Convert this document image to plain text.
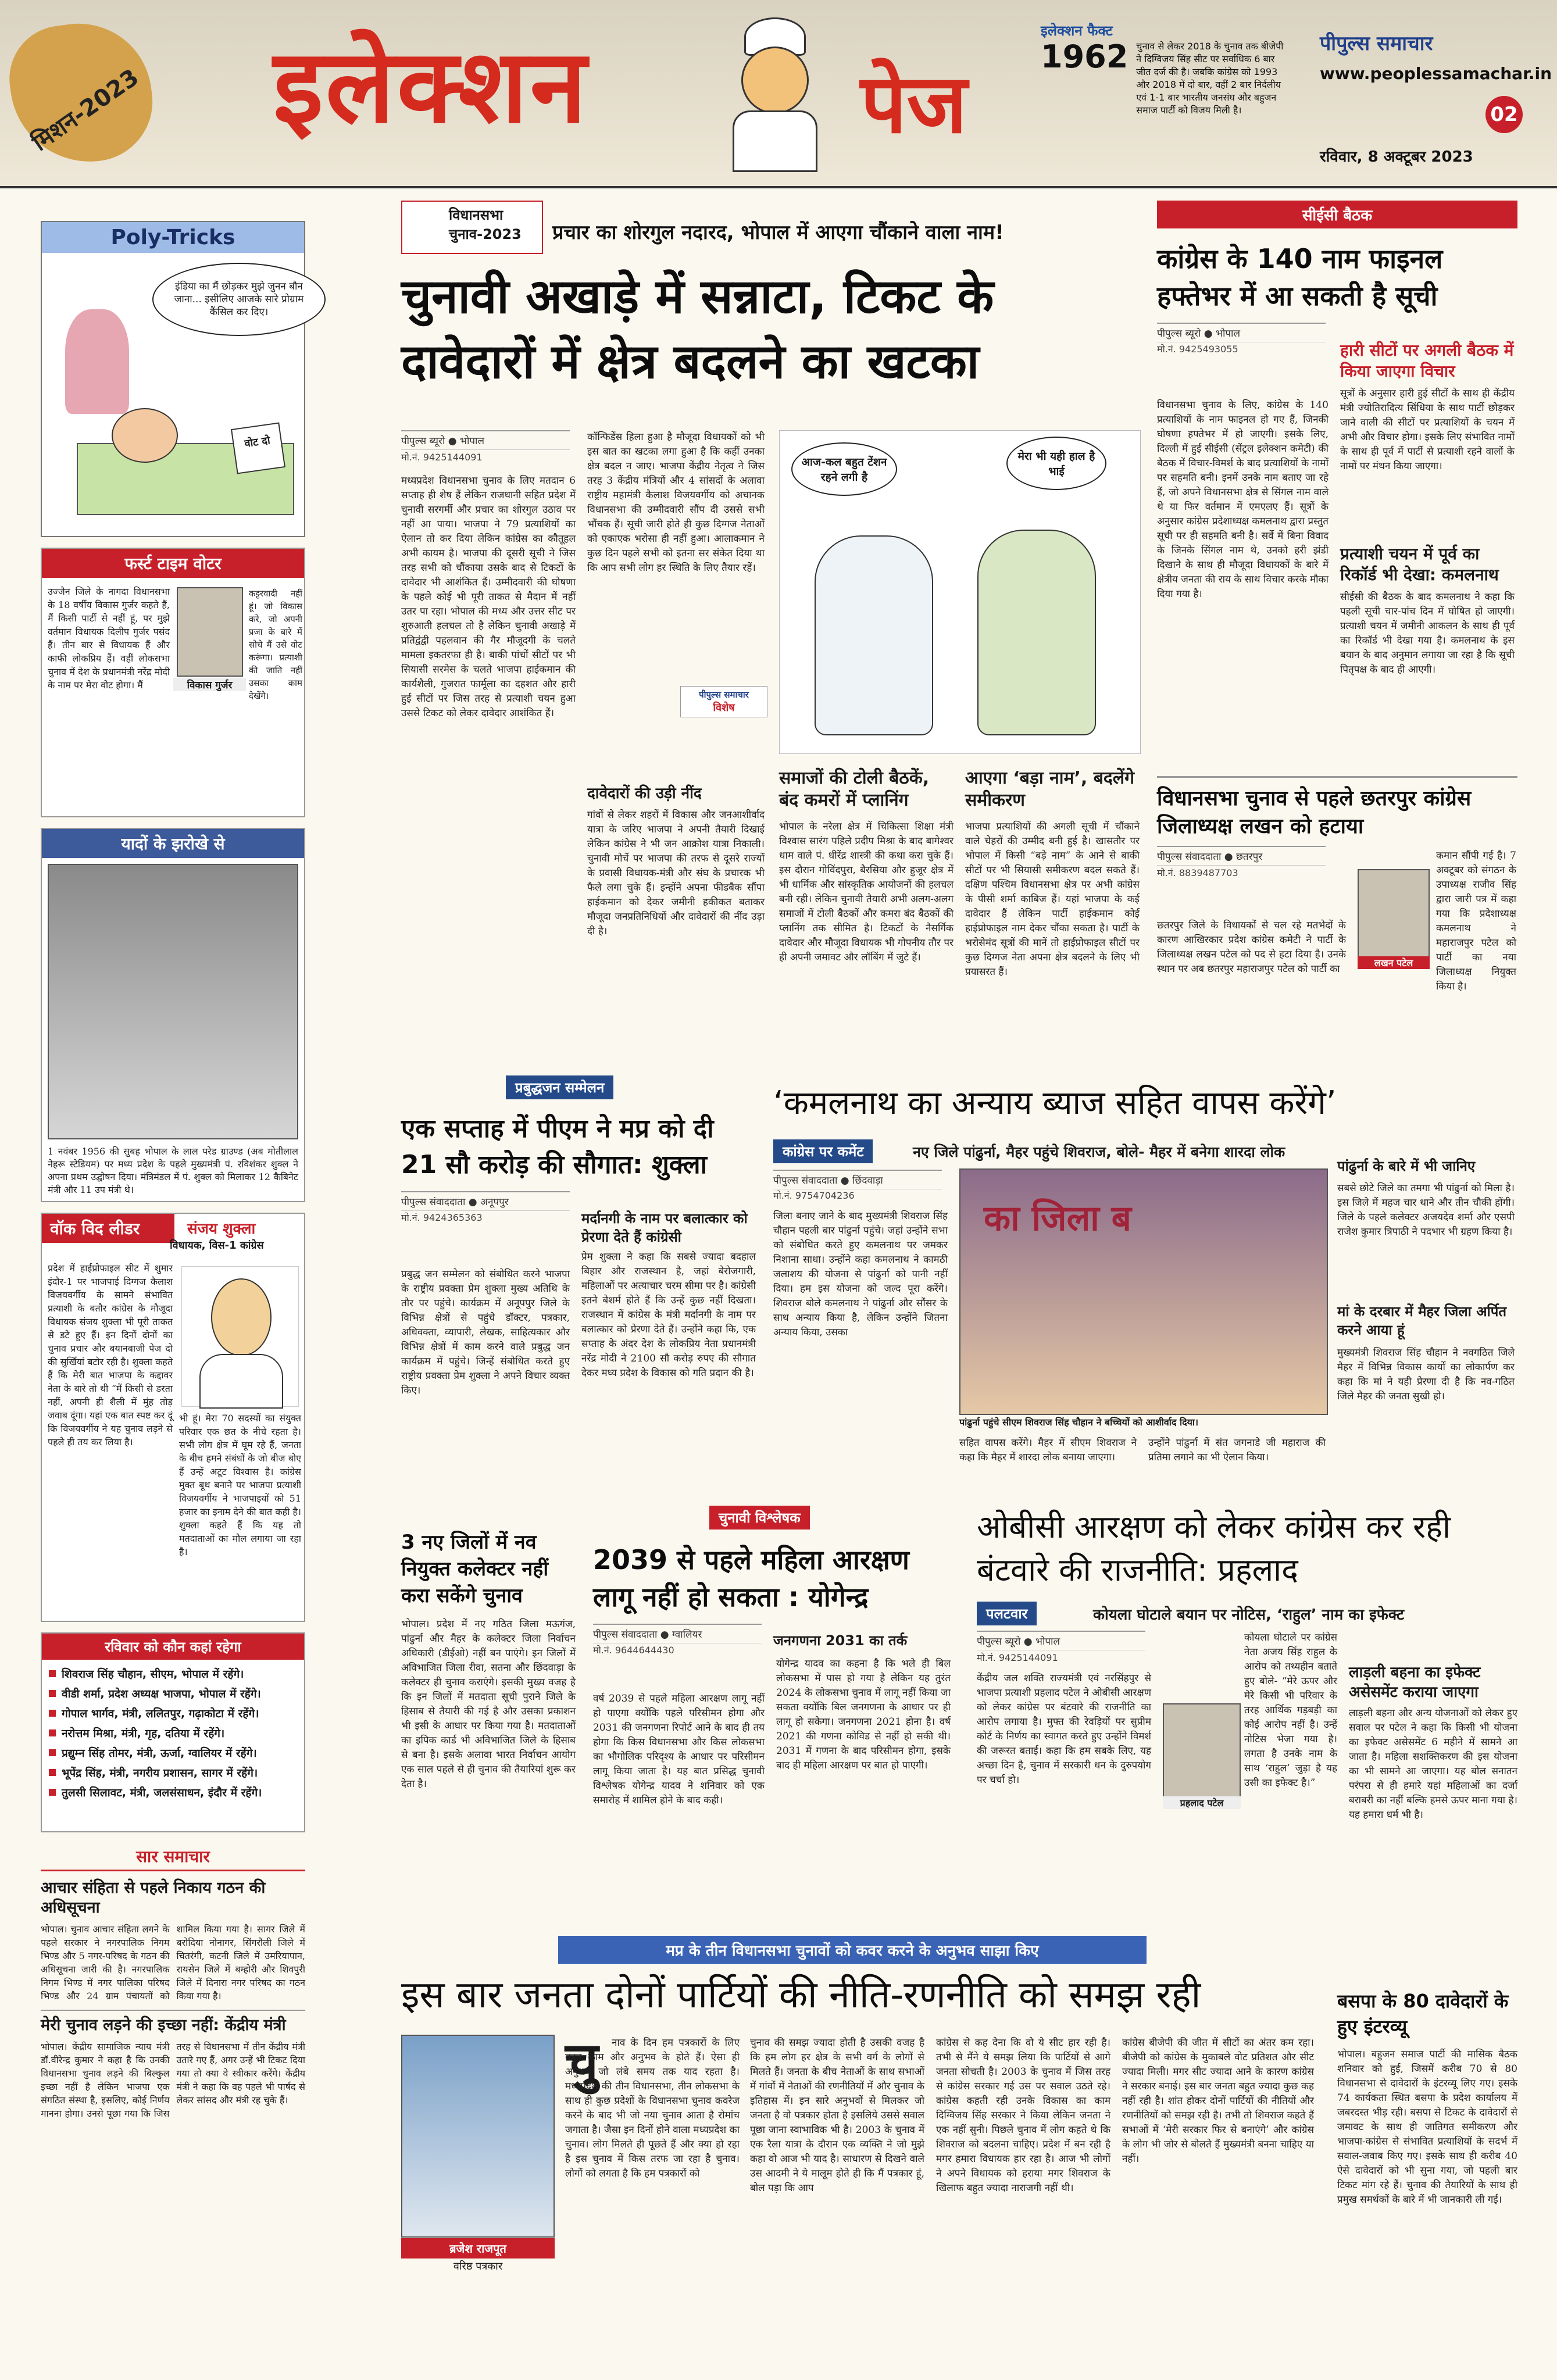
मिशन-2023 इलेक्शन	पेज
इलेक्शन फैक्ट
1962 चुनाव से लेकर 2018 के चुनाव तक बीजेपी ने दिग्विजय सिंह सीट पर सर्वाधिक 6 बार जीत दर्ज की है। जबकि कांग्रेस को 1993 और 2018 में दो बार, वहीं 2 बार निर्दलीय एवं 1-1 बार भारतीय जनसंघ और बहुजन समाज पार्टी को विजय मिली है।
पीपुल्स समाचार
www.peoplessamachar.in
02
रविवार, 8 अक्टूबर 2023
Poly-Tricks
इंडिया का मैं छोड़कर मुझे जुनन बौन जाना... इसीलिए आजके सारे प्रोग्राम कैंसिल कर दिए।
वोट दो
फर्स्ट टाइम वोटर
उज्जैन जिले के नागदा विधानसभा के 18 वर्षीय विकास गुर्जर कहते हैं, मैं किसी पार्टी से नहीं हूं, पर मुझे वर्तमान विधायक दिलीप गुर्जर पसंद हैं। तीन बार से विधायक हैं और काफी लोकप्रिय हैं। वहीं लोकसभा चुनाव में देश के प्रधानमंत्री नरेंद्र मोदी के नाम पर मेरा वोट होगा। मैं	विकास गुर्जर
कट्टरवादी नहीं हूं। जो विकास करे, जो अपनी प्रजा के बारे में सोचे मैं उसे वोट करूंगा। प्रत्याशी की जाति नहीं उसका काम देखेंगे।
यादों के झरोखे से
1 नवंबर 1956 की सुबह भोपाल के लाल परेड ग्राउण्ड (अब मोतीलाल नेहरू स्टेडियम) पर मध्य प्रदेश के पहले मुख्यमंत्री पं. रविशंकर शुक्ल ने अपना प्रथम उद्घोषन दिया। मंत्रिमंडल में पं. शुक्ल को मिलाकर 12 कैबिनेट मंत्री और 11 उप मंत्री थे।
वॉक विद लीडर	संजय शुक्ला
विधायक, विस-1 कांग्रेस
प्रदेश में हाईप्रोफाइल सीट में शुमार इंदौर-1 पर भाजपाई दिग्गज कैलाश विजयवर्गीय के सामने संभावित प्रत्याशी के बतौर कांग्रेस के मौजूदा विधायक संजय शुक्ला भी पूरी ताकत से डटे हुए हैं। इन दिनों दोनों का चुनाव प्रचार और बयानबाजी पेज दो की सुर्खियां बटोर रही है। शुक्ला कहते हैं कि मेरी बात भाजपा के कद्दावर नेता के बारे तो थी “मैं किसी से डरता नहीं, अपनी ही शैली में मुंह तोड़ जवाब दूंगा। यहां एक बात स्पष्ट कर दूं कि विजयवर्गीय ने यह चुनाव लड़ने से पहले ही तय कर लिया है।
भी हूं। मेरा 70 सदस्यों का संयुक्त परिवार एक छत के नीचे रहता है। सभी लोग क्षेत्र में घूम रहे हैं, जनता के बीच हमने संबंधों के जो बीज बोए हैं उन्हें अटूट विश्वास है। कांग्रेस मुक्त बूथ बनाने पर भाजपा प्रत्याशी विजयवर्गीय ने भाजपाइयों को 51 हजार का इनाम देने की बात कही है। शुक्ला कहते हैं कि यह तो मतदाताओं का मौल लगाया जा रहा है।
रविवार को कौन कहां रहेगा
शिवराज सिंह चौहान, सीएम, भोपाल में रहेंगे।
वीडी शर्मा, प्रदेश अध्यक्ष भाजपा, भोपाल में रहेंगे।
गोपाल भार्गव, मंत्री, ललितपुर, गढ़ाकोटा में रहेंगे।
नरोत्तम मिश्रा, मंत्री, गृह, दतिया में रहेंगे।
प्रद्युम्न सिंह तोमर, मंत्री, ऊर्जा, ग्वालियर में रहेंगे।
भूपेंद्र सिंह, मंत्री, नगरीय प्रशासन, सागर में रहेंगे।
तुलसी सिलावट, मंत्री, जलसंसाधन, इंदौर में रहेंगे।
सार समाचार
आचार संहिता से पहले निकाय गठन की अधिसूचना
भोपाल। चुनाव आचार संहिता लगने के पहले सरकार ने नगरपालिक निगम भिण्ड और 5 नगर-परिषद के गठन की अधिसूचना जारी की है। नगरपालिक निगम भिण्ड में नगर पालिका परिषद भिण्ड और 24 ग्राम पंचायतों को शामिल किया गया है। सागर जिले में बरोदिया नोनागर, सिंगरौली जिले में चितरंगी, कटनी जिले में उमरियापान, रायसेन जिले में बम्होरी और शिवपुरी जिले में दिनारा नगर परिषद का गठन किया गया है।
मेरी चुनाव लड़ने की इच्छा नहीं: केंद्रीय मंत्री
भोपाल। केंद्रीय सामाजिक न्याय मंत्री डॉ.वीरेन्द्र कुमार ने कहा है कि उनकी विधानसभा चुनाव लड़ने की बिल्कुल इच्छा नहीं है लेकिन भाजपा एक संगठित संस्था है, इसलिए, कोई निर्णय मानना होगा। उनसे पूछा गया कि जिस तरह से विधानसभा में तीन केंद्रीय मंत्री उतारे गए हैं, अगर उन्हें भी टिकट दिया गया तो क्या वे स्वीकार करेंगे। केंद्रीय मंत्री ने कहा कि वह पहले भी पार्षद से लेकर सांसद और मंत्री रह चुके हैं।
विधानसभा
चुनाव-2023	प्रचार का शोरगुल नदारद, भोपाल में आएगा चौंकाने वाला नाम!
चुनावी अखाड़े में सन्नाटा, टिकट के दावेदारों में क्षेत्र बदलने का खटका
पीपुल्स ब्यूरो ● भोपाल
मो.नं. 9425144091
मध्यप्रदेश विधानसभा चुनाव के लिए मतदान 6 सप्ताह ही शेष हैं लेकिन राजधानी सहित प्रदेश में चुनावी सरगर्मी और प्रचार का शोरगुल उठाव पर नहीं आ पाया। भाजपा ने 79 प्रत्याशियों का ऐलान तो कर दिया लेकिन कांग्रेस का कौतूहल अभी कायम है। भाजपा की दूसरी सूची ने जिस तरह सभी को चौंकाया उसके बाद से टिकटों के दावेदार भी आशंकित हैं। उम्मीदवारी की घोषणा के पहले कोई भी पूरी ताकत से मैदान में नहीं उतर पा रहा। भोपाल की मध्य और उत्तर सीट पर शुरुआती हलचल तो है लेकिन चुनावी अखाड़े में प्रतिद्वंद्वी पहलवान की गैर मौजूदगी के चलते मामला इकतरफा ही है। बाकी पांचों सीटों पर भी सियासी सरमेस के चलते भाजपा हाईकमान की कार्यशैली, गुजरात फार्मूला का दहशत और हारी हुई सीटों पर जिस तरह से प्रत्याशी चयन हुआ उससे टिकट को लेकर दावेदार आशंकित हैं।
कॉन्फिडेंस हिला हुआ है मौजूदा विधायकों को भी इस बात का खटका लगा हुआ है कि कहीं उनका क्षेत्र बदल न जाए। भाजपा केंद्रीय नेतृत्व ने जिस तरह 3 केंद्रीय मंत्रियों और 4 सांसदों के अलावा राष्ट्रीय महामंत्री कैलाश विजयवर्गीय को अचानक विधानसभा की उम्मीदवारी सौंप दी उससे सभी भौंचक हैं। सूची जारी होते ही कुछ दिग्गज नेताओं को एकाएक भरोसा ही नहीं हुआ। आलाकमान ने कुछ दिन पहले सभी को इतना सर संकेत दिया था कि आप सभी लोग हर स्थिति के लिए तैयार रहें।
पीपुल्स समाचार
विशेष
दावेदारों की उड़ी नींद
गांवों से लेकर शहरों में विकास और जनआशीर्वाद यात्रा के जरिए भाजपा ने अपनी तैयारी दिखाई लेकिन कांग्रेस ने भी जन आक्रोश यात्रा निकाली। चुनावी मोर्चे पर भाजपा की तरफ से दूसरे राज्यों के प्रवासी विधायक-मंत्री और संघ के प्रचारक भी फैले लगा चुके हैं। इन्होंने अपना फीडबैक सौंपा हाईकमान को देकर जमीनी हकीकत बताकर मौजूदा जनप्रतिनिधियों और दावेदारों की नींद उड़ा दी है।
आज-कल बहुत टेंशन रहने लगी है
मेरा भी यही हाल है भाई
समाजों की टोली बैठकें, बंद कमरों में प्लानिंग
भोपाल के नरेला क्षेत्र में चिकित्सा शिक्षा मंत्री विश्वास सारंग पहिले प्रदीप मिश्रा के बाद बागेश्वर धाम वाले पं. धीरेंद्र शास्त्री की कथा करा चुके हैं। इस दौरान गोविंदपुरा, बैरसिया और हुजूर क्षेत्र में भी धार्मिक और सांस्कृतिक आयोजनों की हलचल बनी रही। लेकिन चुनावी तैयारी अभी अलग-अलग समाजों में टोली बैठकों और कमरा बंद बैठकों की प्लानिंग तक सीमित है। टिकटों के नैसर्गिक दावेदार और मौजूदा विधायक भी गोपनीय तौर पर ही अपनी जमावट और लॉबिंग में जुटे हैं।
आएगा ‘बड़ा नाम’, बदलेंगे समीकरण
भाजपा प्रत्याशियों की अगली सूची में चौंकाने वाले चेहरों की उम्मीद बनी हुई है। खासतौर पर भोपाल में किसी “बड़े नाम” के आने से बाकी सीटों पर भी सियासी समीकरण बदल सकते हैं। दक्षिण पश्चिम विधानसभा क्षेत्र पर अभी कांग्रेस के पीसी शर्मा काबिज हैं। यहां भाजपा के कई दावेदार हैं लेकिन पार्टी हाईकमान कोई हाईप्रोफाइल नाम देकर चौंका सकता है। पार्टी के भरोसेमंद सूत्रों की मानें तो हाईप्रोफाइल सीटों पर कुछ दिग्गज नेता अपना क्षेत्र बदलने के लिए भी प्रयासरत हैं।
सीईसी बैठक
कांग्रेस के 140 नाम फाइनल हफ्तेभर में आ सकती है सूची
पीपुल्स ब्यूरो ● भोपाल
मो.नं. 9425493055
विधानसभा चुनाव के लिए, कांग्रेस के 140 प्रत्याशियों के नाम फाइनल हो गए हैं, जिनकी घोषणा हफ्तेभर में हो जाएगी। इसके लिए, दिल्ली में हुई सीईसी (सेंट्रल इलेक्शन कमेटी) की बैठक में विचार-विमर्श के बाद प्रत्याशियों के नामों पर सहमति बनी। इनमें उनके नाम बताए जा रहे हैं, जो अपने विधानसभा क्षेत्र से सिंगल नाम वाले थे या फिर वर्तमान में एमएलए हैं। सूत्रों के अनुसार कांग्रेस प्रदेशाध्यक्ष कमलनाथ द्वारा प्रस्तुत सूची पर ही सहमति बनी है। सर्वे में बिना विवाद के जिनके सिंगल नाम थे, उनको हरी झंडी दिखाने के साथ ही मौजूदा विधायकों के बारे में क्षेत्रीय जनता की राय के साथ विचार करके मौका दिया गया है।
हारी सीटों पर अगली बैठक में किया जाएगा विचार
सूत्रों के अनुसार हारी हुई सीटों के साथ ही केंद्रीय मंत्री ज्योतिरादित्य सिंधिया के साथ पार्टी छोड़कर जाने वाली की सीटों पर प्रत्याशियों के चयन में अभी और विचार होगा। इसके लिए संभावित नामों के साथ ही पूर्व में पार्टी से प्रत्याशी रहने वालों के नामों पर मंथन किया जाएगा।
प्रत्याशी चयन में पूर्व का रिकॉर्ड भी देखा: कमलनाथ
सीईसी की बैठक के बाद कमलनाथ ने कहा कि पहली सूची चार-पांच दिन में घोषित हो जाएगी। प्रत्याशी चयन में जमीनी आकलन के साथ ही पूर्व का रिकॉर्ड भी देखा गया है। कमलनाथ के इस बयान के बाद अनुमान लगाया जा रहा है कि सूची पितृपक्ष के बाद ही आएगी।
विधानसभा चुनाव से पहले छतरपुर कांग्रेस जिलाध्यक्ष लखन को हटाया
पीपुल्स संवाददाता ● छतरपुर
मो.नं. 8839487703
छतरपुर जिले के विधायकों से चल रहे मतभेदों के कारण आखिरकार प्रदेश कांग्रेस कमेटी ने पार्टी के जिलाध्यक्ष लखन पटेल को पद से हटा दिया है। उनके स्थान पर अब छतरपुर महाराजपुर पटेल को पार्टी का
लखन पटेल
कमान सौंपी गई है। 7 अक्टूबर को संगठन के उपाध्यक्ष राजीव सिंह द्वारा जारी पत्र में कहा गया कि प्रदेशाध्यक्ष कमलनाथ ने महाराजपुर पटेल को पार्टी का नया जिलाध्यक्ष नियुक्त किया है।
प्रबुद्धजन सम्मेलन
एक सप्ताह में पीएम ने मप्र को दी 21 सौ करोड़ की सौगात: शुक्ला
पीपुल्स संवाददाता ● अनूपपुर
मो.नं. 9424365363
प्रबुद्ध जन सम्मेलन को संबोधित करने भाजपा के राष्ट्रीय प्रवक्ता प्रेम शुक्ला मुख्य अतिथि के तौर पर पहुंचे। कार्यक्रम में अनूपपुर जिले के विभिन्न क्षेत्रों से पहुंचे डॉक्टर, पत्रकार, अधिवक्ता, व्यापारी, लेखक, साहित्यकार और विभिन्न क्षेत्रों में काम करने वाले प्रबुद्ध जन कार्यक्रम में पहुंचे। जिन्हें संबोधित करते हुए राष्ट्रीय प्रवक्ता प्रेम शुक्ला ने अपने विचार व्यक्त किए।
मर्दानगी के नाम पर बलात्कार को प्रेरणा देते हैं कांग्रेसी
प्रेम शुक्ला ने कहा कि सबसे ज्यादा बदहाल बिहार और राजस्थान है, जहां बेरोजगारी, महिलाओं पर अत्याचार चरम सीमा पर है। कांग्रेसी इतने बेशर्म होते हैं कि उन्हें कुछ नहीं दिखता। राजस्थान में कांग्रेस के मंत्री मर्दानगी के नाम पर बलात्कार को प्रेरणा देते हैं। उन्होंने कहा कि, एक सप्ताह के अंदर देश के लोकप्रिय नेता प्रधानमंत्री नरेंद्र मोदी ने 2100 सौ करोड़ रुपए की सौगात देकर मध्य प्रदेश के विकास को गति प्रदान की है।
3 नए जिलों में नव नियुक्त कलेक्टर नहीं करा सकेंगे चुनाव
भोपाल। प्रदेश में नए गठित जिला मऊगंज, पांढुर्ना और मैहर के कलेक्टर जिला निर्वाचन अधिकारी (डीईओ) नहीं बन पाएंगे। इन जिलों में अविभाजित जिला रीवा, सतना और छिंदवाड़ा के कलेक्टर ही चुनाव कराएंगे। इसकी मुख्य वजह है कि इन जिलों में मतदाता सूची पुराने जिले के हिसाब से तैयारी की गई है और उसका प्रकाशन भी इसी के आधार पर किया गया है। मतदाताओं का इपिक कार्ड भी अविभाजित जिले के हिसाब से बना है। इसके अलावा भारत निर्वाचन आयोग एक साल पहले से ही चुनाव की तैयारियां शुरू कर देता है।
‘कमलनाथ का अन्याय ब्याज सहित वापस करेंगे’
कांग्रेस पर कमेंट	नए जिले पांढुर्ना, मैहर पहुंचे शिवराज, बोले- मैहर में बनेगा शारदा लोक
पीपुल्स संवाददाता ● छिंदवाड़ा
मो.नं. 9754704236
जिला बनाए जाने के बाद मुख्यमंत्री शिवराज सिंह चौहान पहली बार पांढुर्ना पहुंचे। जहां उन्होंने सभा को संबोधित करते हुए कमलनाथ पर जमकर निशाना साधा। उन्होंने कहा कमलनाथ ने कामठी जलाशय की योजना से पांढुर्ना को पानी नहीं दिया। हम इस योजना को जल्द पूरा करेंगे। शिवराज बोले कमलनाथ ने पांढुर्ना और सौंसर के साथ अन्याय किया है, लेकिन उन्होंने जितना अन्याय किया, उसका
का जिला ब
पांढुर्ना पहुंचे सीएम शिवराज सिंह चौहान ने बच्चियों को आशीर्वाद दिया।
सहित वापस करेंगे। मैहर में सीएम शिवराज ने कहा कि मैहर में शारदा लोक बनाया जाएगा।
उन्होंने पांढुर्ना में संत जगनाडे जी महाराज की प्रतिमा लगाने का भी ऐलान किया।
पांढुर्ना के बारे में भी जानिए
सबसे छोटे जिले का तमगा भी पांढुर्ना को मिला है। इस जिले में महज चार थाने और तीन चौकी होंगी। जिले के पहले कलेक्टर अजयदेव शर्मा और एसपी राजेश कुमार त्रिपाठी ने पदभार भी ग्रहण किया है।
मां के दरबार में मैहर जिला अर्पित करने आया हूं
मुख्यमंत्री शिवराज सिंह चौहान ने नवगठित जिले मैहर में विभिन्न विकास कार्यों का लोकार्पण कर कहा कि मां ने यही प्रेरणा दी है कि नव-गठित जिले मैहर की जनता सुखी हो।
चुनावी विश्लेषक
2039 से पहले महिला आरक्षण लागू नहीं हो सकता : योगेन्द्र
जनगणना 2031 का तर्क
पीपुल्स संवाददाता ● ग्वालियर
मो.नं. 9644644430
वर्ष 2039 से पहले महिला आरक्षण लागू नहीं हो पाएगा क्योंकि पहले परिसीमन होगा और 2031 की जनगणना रिपोर्ट आने के बाद ही तय होगा कि किस विधानसभा और किस लोकसभा का भौगोलिक परिदृश्य के आधार पर परिसीमन लागू किया जाता है। यह बात प्रसिद्ध चुनावी विश्लेषक योगेन्द्र यादव ने शनिवार को एक समारोह में शामिल होने के बाद कही।
योगेन्द्र यादव का कहना है कि भले ही बिल लोकसभा में पास हो गया है लेकिन यह तुरंत 2024 के लोकसभा चुनाव में लागू नहीं किया जा सकता क्योंकि बिल जनगणना के आधार पर ही लागू हो सकेगा। जनगणना 2021 होना है। वर्ष 2021 की गणना कोविड से नहीं हो सकी थी। 2031 में गणना के बाद परिसीमन होगा, इसके बाद ही महिला आरक्षण पर बात हो पाएगी।
ओबीसी आरक्षण को लेकर कांग्रेस कर रही बंटवारे की राजनीति: प्रहलाद
पलटवार	कोयला घोटाले बयान पर नोटिस, ‘राहुल’ नाम का इफेक्ट
पीपुल्स ब्यूरो ● भोपाल
मो.नं. 9425144091
केंद्रीय जल शक्ति राज्यमंत्री एवं नरसिंहपुर से भाजपा प्रत्याशी प्रहलाद पटेल ने ओबीसी आरक्षण को लेकर कांग्रेस पर बंटवारे की राजनीति का आरोप लगाया है। मुफ्त की रेवड़ियों पर सुप्रीम कोर्ट के निर्णय का स्वागत करते हुए उन्होंने विमर्श की जरूरत बताई। कहा कि हम सबके लिए, यह अच्छा दिन है, चुनाव में सरकारी धन के दुरुपयोग पर चर्चा हो।
प्रहलाद पटेल
कोयला घोटाले पर कांग्रेस नेता अजय सिंह राहुल के आरोप को तथ्यहीन बताते हुए बोले- “मेरे ऊपर और मेरे किसी भी परिवार के तरह आर्थिक गड़बड़ी का कोई आरोप नहीं है। उन्हें नोटिस भेजा गया है। लगता है उनके नाम के साथ ‘राहुल’ जुड़ा है यह उसी का इफेक्ट है।”
लाड़ली बहना का इफेक्ट असेसमेंट कराया जाएगा
लाड़ली बहना और अन्य योजनाओं को लेकर हुए सवाल पर पटेल ने कहा कि किसी भी योजना का इफेक्ट असेसमेंट 6 महीने में सामने आ जाता है। महिला सशक्तिकरण की इस योजना का भी सामने आ जाएगा। यह बोल सनातन परंपरा से ही हमारे यहां महिलाओं का दर्जा बराबरी का नहीं बल्कि हमसे ऊपर माना गया है। यह हमारा धर्म भी है।
मप्र के तीन विधानसभा चुनावों को कवर करने के अनुभव साझा किए
इस बार जनता दोनों पार्टियों की नीति-रणनीति को समझ रही
ब्रजेश राजपूत
वरिष्ठ पत्रकार
चु	नाव के दिन हम पत्रकारों के लिए बहुत काम और अनुभव के होते हैं। ऐसा ही अनुभव जो लंबे समय तक याद रहता है। मध्यप्रदेश की तीन विधानसभा, तीन लोकसभा के साथ ही कुछ प्रदेशों के विधानसभा चुनाव कवरेज करने के बाद भी जो नया चुनाव आता है रोमांच जगाता है। जैसा इन दिनों होने वाला मध्यप्रदेश का चुनाव। लोग मिलते ही पूछते हैं और क्या हो रहा है इस चुनाव में किस तरफ जा रहा है चुनाव। लोगों को लगता है कि हम पत्रकारों को
चुनाव की समझ ज्यादा होती है उसकी वजह है कि हम लोग हर क्षेत्र के सभी वर्ग के लोगों से मिलते हैं। जनता के बीच नेताओं के साथ सभाओं में गांवों में नेताओं की रणनीतियों में और चुनाव के इतिहास में। इन सारे अनुभवों से मिलकर जो जनता है वो पत्रकार होता है इसलिये उससे सवाल पूछा जाना स्वाभाविक भी है। 2003 के चुनाव में एक रैला यात्रा के दौरान एक व्यक्ति ने जो मुझे कहा वो आज भी याद है। साधारण से दिखने वाले उस आदमी ने ये मालूम होते ही कि मैं पत्रकार हूं, बोल पड़ा कि आप
कांग्रेस से कह देना कि वो ये सीट हार रही है। तभी से मैंने ये समझ लिया कि पार्टियों से आगे जनता सोचती है। 2003 के चुनाव में जिस तरह से कांग्रेस सरकार गई उस पर सवाल उठते रहे। कांग्रेस कहती रही उनके विकास का काम दिग्विजय सिंह सरकार ने किया लेकिन जनता ने एक नहीं सुनी। पिछले चुनाव में लोग कहते थे कि शिवराज को बदलना चाहिए। प्रदेश में बन रही है मगर हमारा विधायक हार रहा है। आज भी लोगों ने अपने विधायक को हराया मगर शिवराज के खिलाफ बहुत ज्यादा नाराजगी नहीं थी।
कांग्रेस बीजेपी की जीत में सीटों का अंतर कम रहा। बीजेपी को कांग्रेस के मुकाबले वोट प्रतिशत और सीट ज्यादा मिली। मगर सीट ज्यादा आने के कारण कांग्रेस ने सरकार बनाई। इस बार जनता बहुत ज्यादा कुछ कह नहीं रही है। शांत होकर दोनों पार्टियों की नीतियों और रणनीतियों को समझ रही है। तभी तो शिवराज कहते हैं सभाओं में ‘मेरी सरकार फिर से बनाएंगे’ और कांग्रेस के लोग भी जोर से बोलते हैं मुख्यमंत्री बनना चाहिए या नहीं।
बसपा के 80 दावेदारों के हुए इंटरव्यू
भोपाल। बहुजन समाज पार्टी की मासिक बैठक शनिवार को हुई, जिसमें करीब 70 से 80 विधानसभा से दावेदारों के इंटरव्यू लिए गए। इसके 74 कार्यकता स्थित बसपा के प्रदेश कार्यालय में जबरदस्त भीड़ रही। बसपा से टिकट के दावेदारों से जमावट के साथ ही जातिगत समीकरण और भाजपा-कांग्रेस से संभावित प्रत्याशियों के सदर्भ में सवाल-जवाब किए गए। इसके साथ ही करीब 40 ऐसे दावेदारों को भी सुना गया, जो पहली बार टिकट मांग रहे हैं। चुनाव की तैयारियों के साथ ही प्रमुख समर्थकों के बारे में भी जानकारी ली गई।
